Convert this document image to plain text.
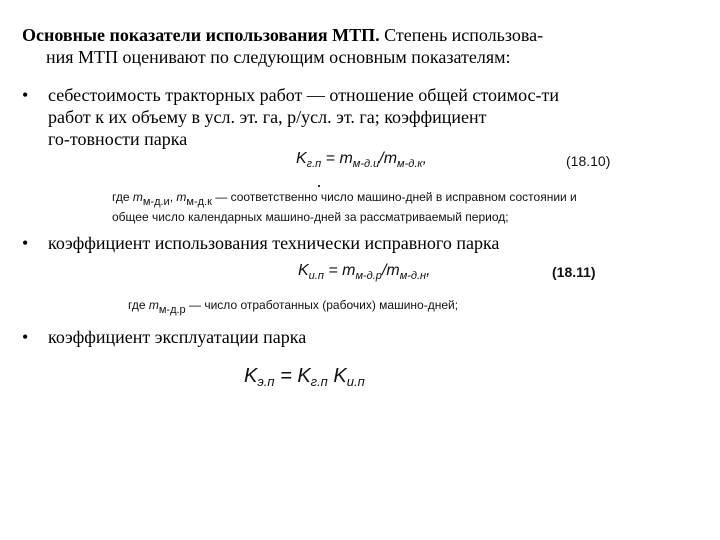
Основные показатели использования МТП. Степень использова-
ния МТП оценивают по следующим основным показателям:
•	себестоимость тракторных работ — отношение общей стоимос-ти
работ к их объему в усл. эт. га, р/усл. эт. га; коэффициент
го-товности парка
$K_{г.п} = m_{м-д.и}/m_{м-д.к}$,	(18.10)
где mм-д.и, mм-д.к — соответственно число машино-дней в исправном состоянии и
общее число календарных машино-дней за рассматриваемый период;
•	коэффициент использования технически исправного парка
$K_{и.п} = m_{м-д.р}/m_{м-д.н}$,	(18.11)
где mм-д.р — число отработанных (рабочих) машино-дней;
•	коэффициент эксплуатации парка
$K_{э.п} = K_{г.п}$ $K_{и.п}$
